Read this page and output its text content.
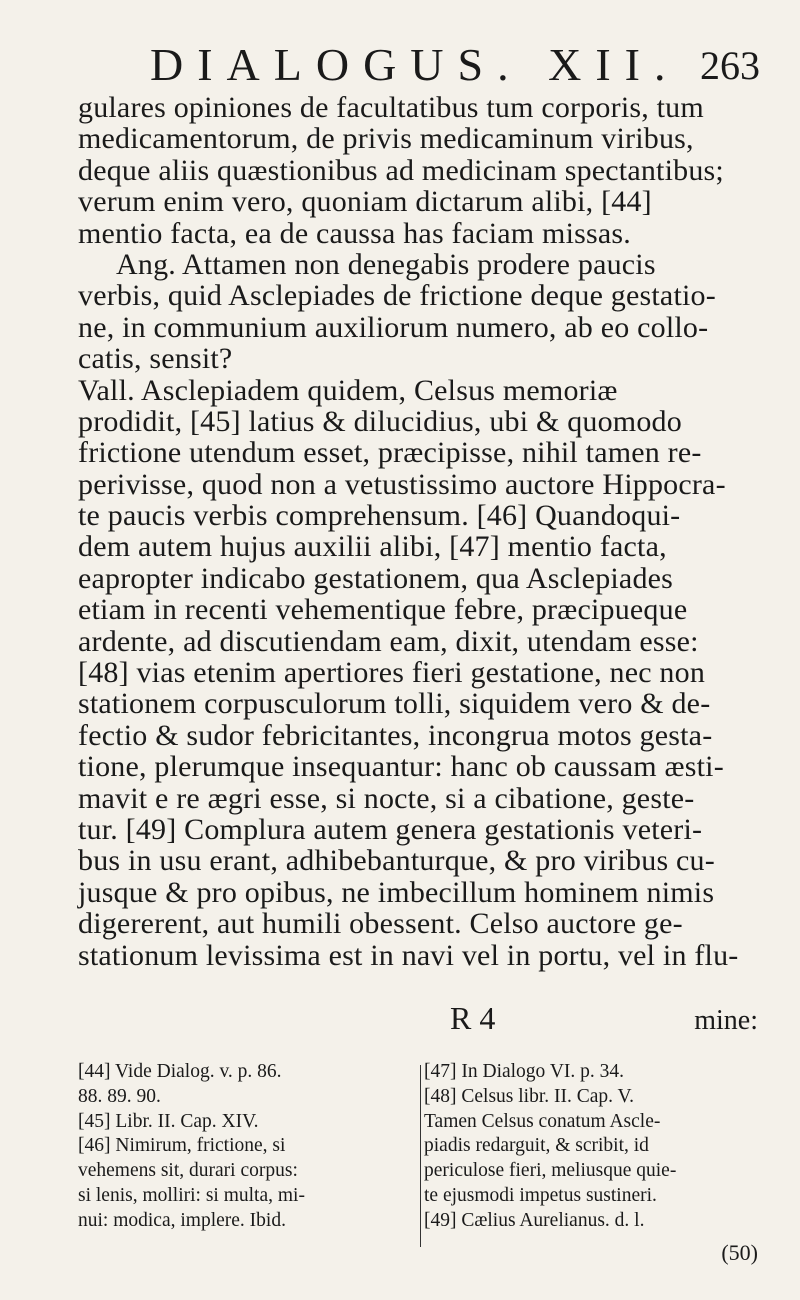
DIALOGUS. XII. 263
gulares opiniones de facultatibus tum corporis, tum
medicamentorum, de privis medicaminum viribus,
deque aliis quæstionibus ad medicinam spectantibus;
verum enim vero, quoniam dictarum alibi, [44]
mentio facta, ea de caussa has faciam missas.
Ang. Attamen non denegabis prodere paucis
verbis, quid Asclepiades de frictione deque gestatio-
ne, in communium auxiliorum numero, ab eo collo-
catis, sensit?
Vall. Asclepiadem quidem, Celsus memoriæ
prodidit, [45] latius & dilucidius, ubi & quomodo
frictione utendum esset, præcipisse, nihil tamen re-
perivisse, quod non a vetustissimo auctore Hippocra-
te paucis verbis comprehensum. [46] Quandoqui-
dem autem hujus auxilii alibi, [47] mentio facta,
eapropter indicabo gestationem, qua Asclepiades
etiam in recenti vehementique febre, præcipueque
ardente, ad discutiendam eam, dixit, utendam esse:
[48] vias etenim apertiores fieri gestatione, nec non
stationem corpusculorum tolli, siquidem vero & de-
fectio & sudor febricitantes, incongrua motos gesta-
tione, plerumque insequantur: hanc ob caussam æsti-
mavit e re ægri esse, si nocte, si a cibatione, geste-
tur. [49] Complura autem genera gestationis veteri-
bus in usu erant, adhibebanturque, & pro viribus cu-
jusque & pro opibus, ne imbecillum hominem nimis
digererent, aut humili obessent. Celso auctore ge-
stationum levissima est in navi vel in portu, vel in flu-
R 4	mine:
[44] Vide Dialog. v. p. 86.
88. 89. 90.
[45] Libr. II. Cap. XIV.
[46] Nimirum, frictione, si
vehemens sit, durari corpus:
si lenis, molliri: si multa, mi-
nui: modica, implere. Ibid.
[47] In Dialogo VI. p. 34.
[48] Celsus libr. II. Cap. V.
Tamen Celsus conatum Ascle-
piadis redarguit, & scribit, id
periculose fieri, meliusque quie-
te ejusmodi impetus sustineri.
[49] Cælius Aurelianus. d. l.
(50)
